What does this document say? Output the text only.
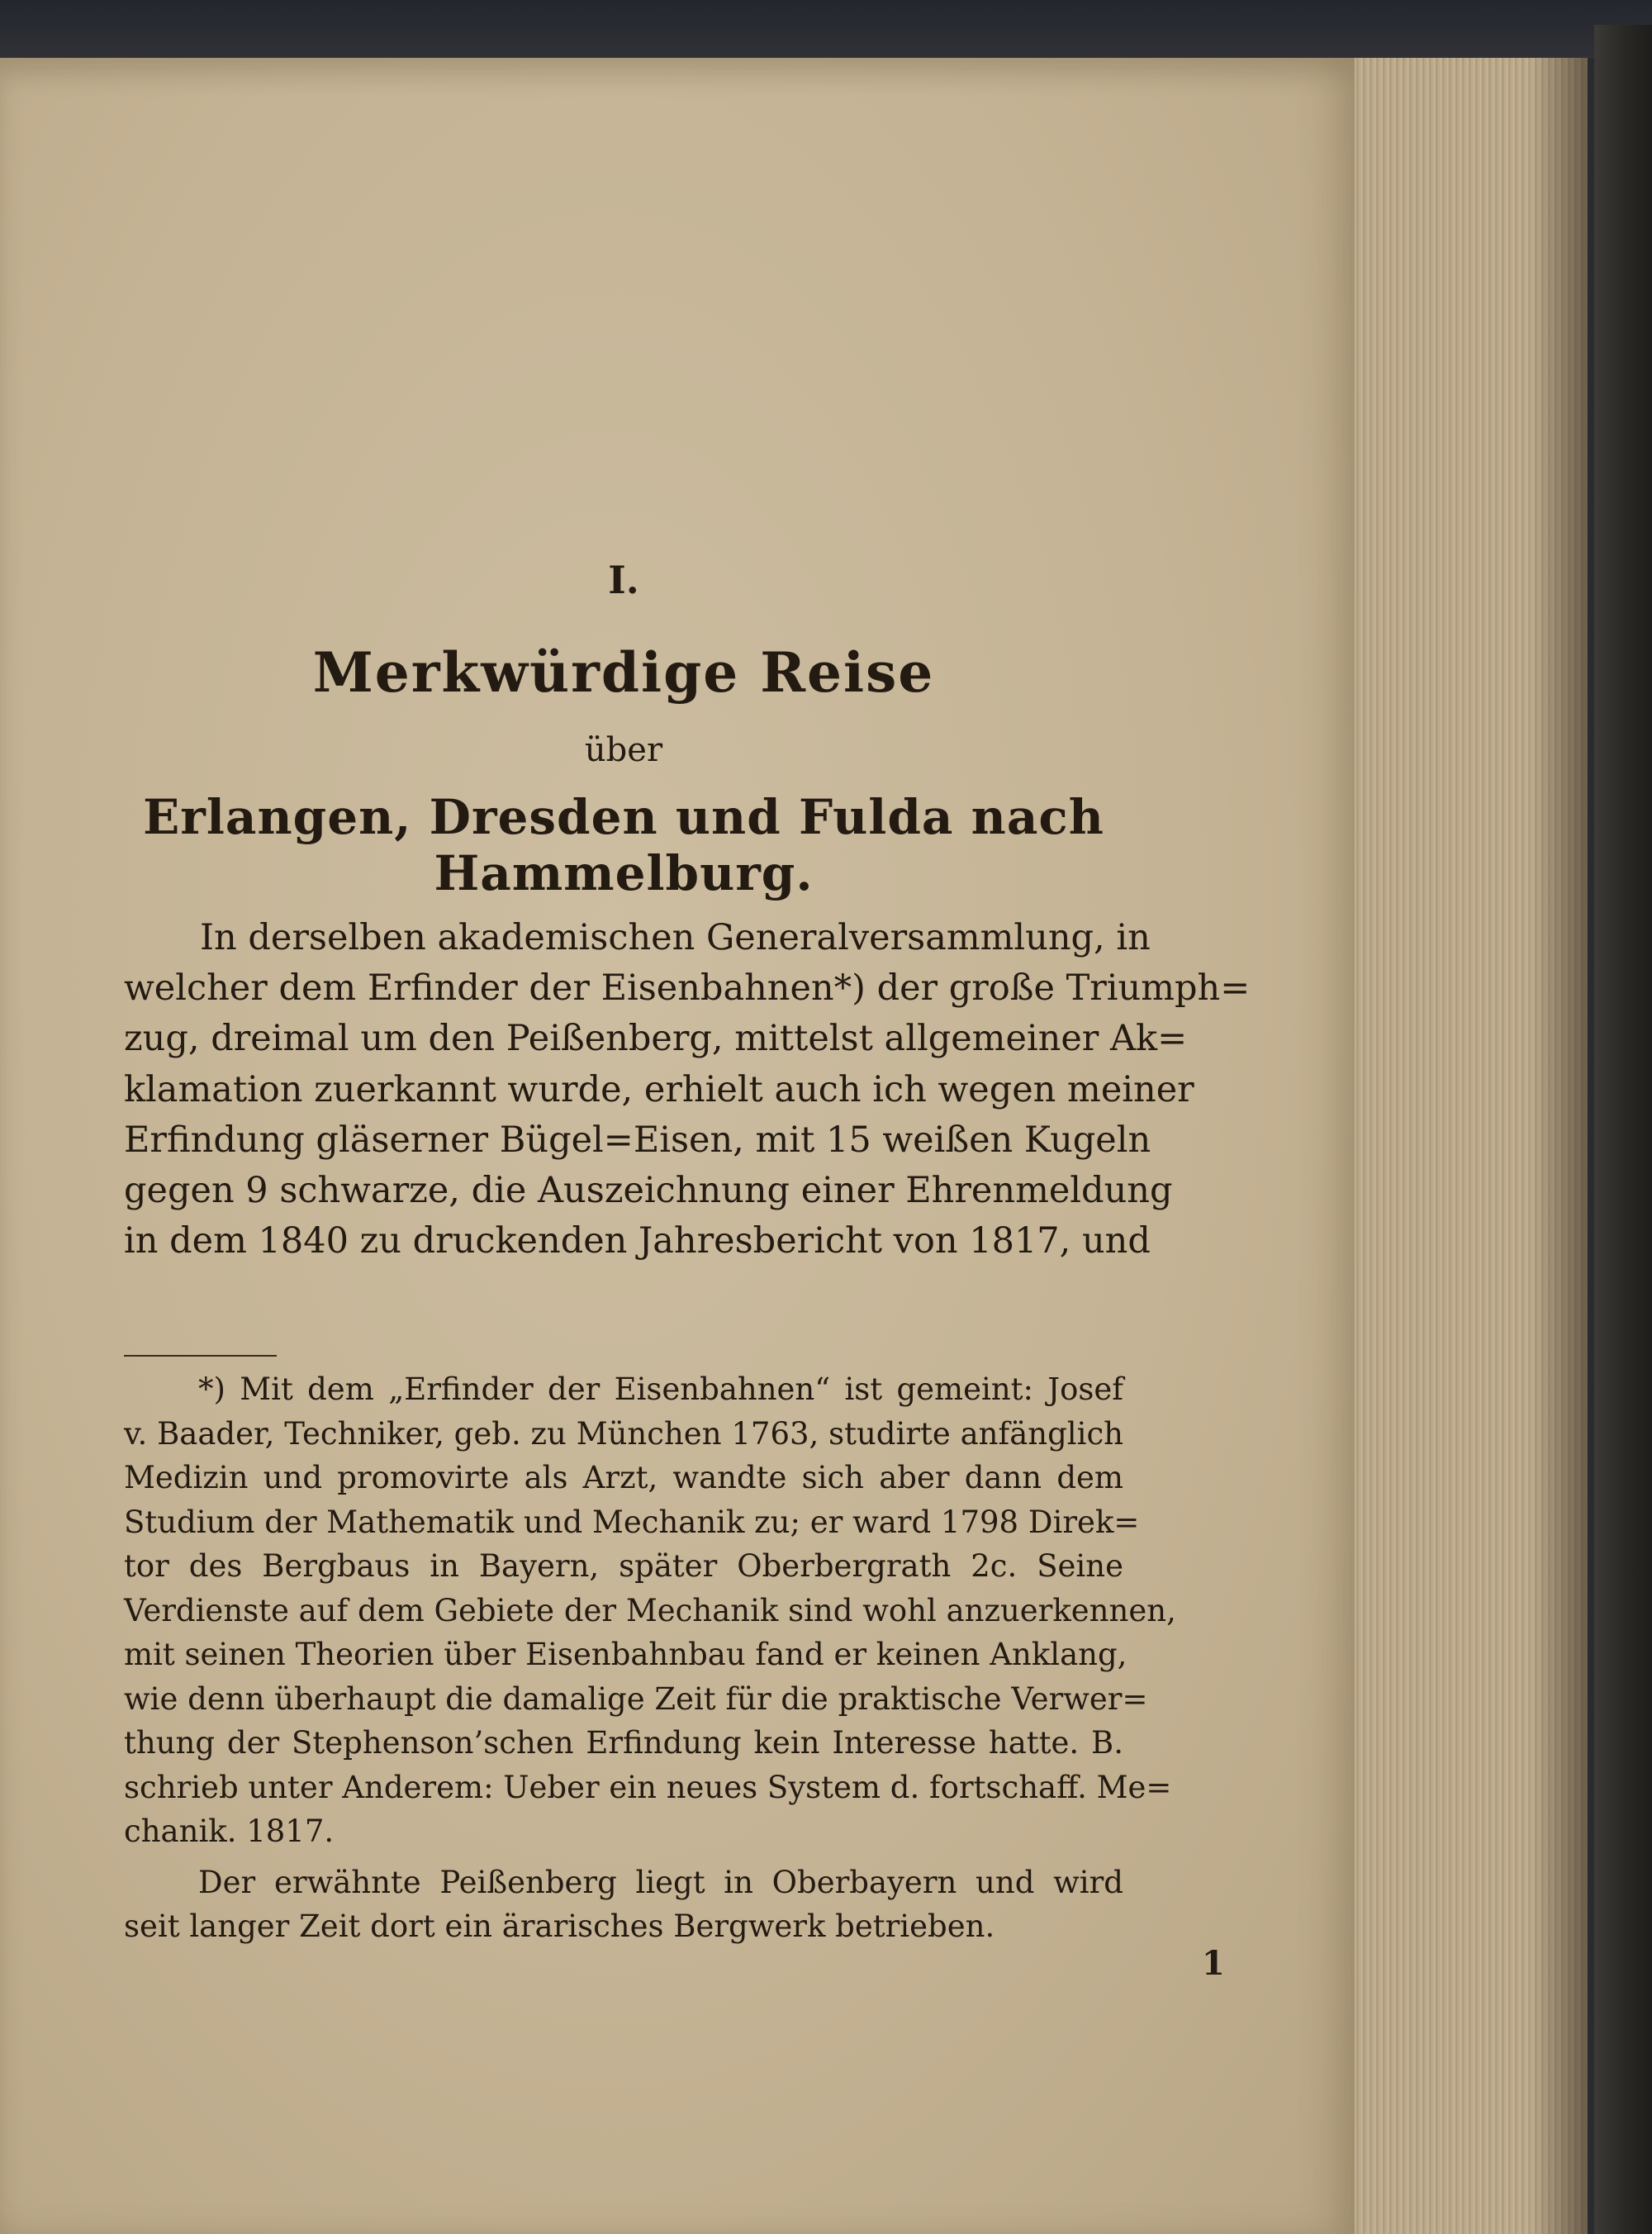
I.
Merkwürdige Reise
über
Erlangen, Dresden und Fulda nach Hammelburg.
In derselben akademischen Generalversammlung, in
welcher dem Erfinder der Eisenbahnen*) der große Triumph=
zug, dreimal um den Peißenberg, mittelst allgemeiner Ak=
klamation zuerkannt wurde, erhielt auch ich wegen meiner
Erfindung gläserner Bügel=Eisen, mit 15 weißen Kugeln
gegen 9 schwarze, die Auszeichnung einer Ehrenmeldung
in dem 1840 zu druckenden Jahresbericht von 1817, und
*) Mit dem „Erfinder der Eisenbahnen“ ist gemeint: Josef
v. Baader, Techniker, geb. zu München 1763, studirte anfänglich
Medizin und promovirte als Arzt, wandte sich aber dann dem
Studium der Mathematik und Mechanik zu; er ward 1798 Direk=
tor des Bergbaus in Bayern, später Oberbergrath 2c. Seine
Verdienste auf dem Gebiete der Mechanik sind wohl anzuerkennen,
mit seinen Theorien über Eisenbahnbau fand er keinen Anklang,
wie denn überhaupt die damalige Zeit für die praktische Verwer=
thung der Stephenson’schen Erfindung kein Interesse hatte. B.
schrieb unter Anderem: Ueber ein neues System d. fortschaff. Me=
chanik. 1817.
Der erwähnte Peißenberg liegt in Oberbayern und wird
seit langer Zeit dort ein ärarisches Bergwerk betrieben.
1
